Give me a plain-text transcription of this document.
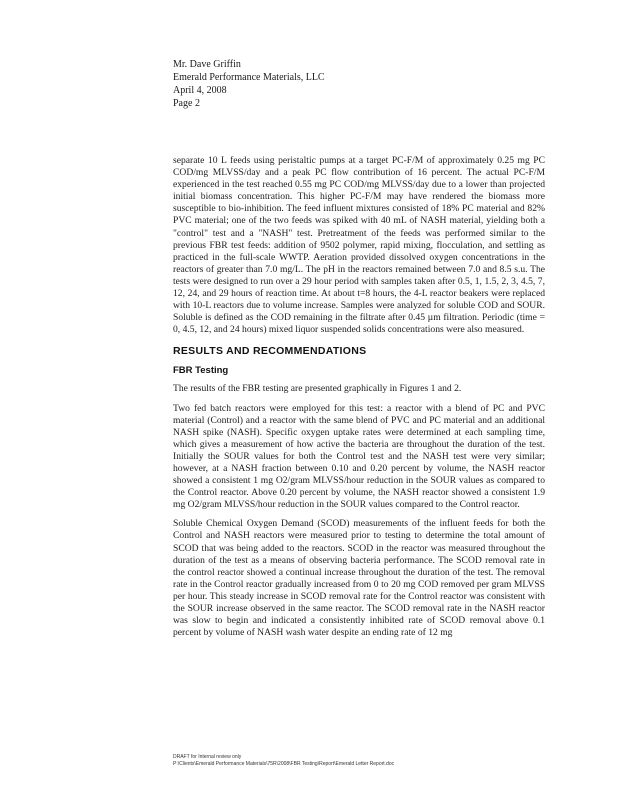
Mr. Dave Griffin
Emerald Performance Materials, LLC
April 4, 2008
Page 2

separate 10 L feeds using peristaltic pumps at a target PC-F/M of approximately 0.25 mg PC COD/mg MLVSS/day and a peak PC flow contribution of 16 percent. The actual PC-F/M experienced in the test reached 0.55 mg PC COD/mg MLVSS/day due to a lower than projected initial biomass concentration. This higher PC-F/M may have rendered the biomass more susceptible to bio-inhibition. The feed influent mixtures consisted of 18% PC material and 82% PVC material; one of the two feeds was spiked with 40 mL of NASH material, yielding both a "control" test and a "NASH" test. Pretreatment of the feeds was performed similar to the previous FBR test feeds: addition of 9502 polymer, rapid mixing, flocculation, and settling as practiced in the full-scale WWTP. Aeration provided dissolved oxygen concentrations in the reactors of greater than 7.0 mg/L. The pH in the reactors remained between 7.0 and 8.5 s.u. The tests were designed to run over a 29 hour period with samples taken after 0.5, 1, 1.5, 2, 3, 4.5, 7, 12, 24, and 29 hours of reaction time. At about t=8 hours, the 4-L reactor beakers were replaced with 10-L reactors due to volume increase. Samples were analyzed for soluble COD and SOUR. Soluble is defined as the COD remaining in the filtrate after 0.45 µm filtration. Periodic (time = 0, 4.5, 12, and 24 hours) mixed liquor suspended solids concentrations were also measured.

RESULTS AND RECOMMENDATIONS
FBR Testing

The results of the FBR testing are presented graphically in Figures 1 and 2.

Two fed batch reactors were employed for this test: a reactor with a blend of PC and PVC material (Control) and a reactor with the same blend of PVC and PC material and an additional NASH spike (NASH). Specific oxygen uptake rates were determined at each sampling time, which gives a measurement of how active the bacteria are throughout the duration of the test. Initially the SOUR values for both the Control test and the NASH test were very similar; however, at a NASH fraction between 0.10 and 0.20 percent by volume, the NASH reactor showed a consistent 1 mg O2/gram MLVSS/hour reduction in the SOUR values as compared to the Control reactor. Above 0.20 percent by volume, the NASH reactor showed a consistent 1.9 mg O2/gram MLVSS/hour reduction in the SOUR values compared to the Control reactor.

Soluble Chemical Oxygen Demand (SCOD) measurements of the influent feeds for both the Control and NASH reactors were measured prior to testing to determine the total amount of SCOD that was being added to the reactors. SCOD in the reactor was measured throughout the duration of the test as a means of observing bacteria performance. The SCOD removal rate in the control reactor showed a continual increase throughout the duration of the test. The removal rate in the Control reactor gradually increased from 0 to 20 mg COD removed per gram MLVSS per hour. This steady increase in SCOD removal rate for the Control reactor was consistent with the SOUR increase observed in the same reactor. The SCOD removal rate in the NASH reactor was slow to begin and indicated a consistently inhibited rate of SCOD removal above 0.1 percent by volume of NASH wash water despite an ending rate of 12 mg

DRAFT for Internal review only
P:\Clients\Emerald Performance Materials\75R\2008\FBR Testing\Report\Emerald Letter Report.doc
